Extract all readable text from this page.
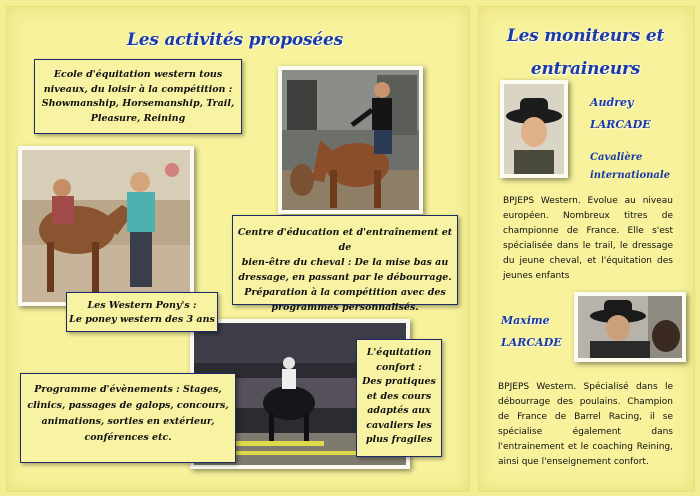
Les activités proposées	Les moniteurs et
entraineurs
Ecole d'équitation western tous
niveaux, du loisir à la compétition :
Showmanship, Horsemanship, Trail,
Pleasure, Reining
Centre d'éducation et d'entraînement et de
bien-être du cheval : De la mise bas au
dressage, en passant par le débourrage.
Préparation à la compétition avec des
programmes personnalisés.
Les Western Pony's :
Le poney western des 3 ans
Programme d'évènements : Stages,
clinics, passages de galops, concours,
animations, sorties en extérieur,
conférences etc.
L'équitation
confort :
Des pratiques
et des cours
adaptés aux
cavaliers les
plus fragiles
Audrey
LARCADE
Cavalière
internationale
BPJEPS Western. Evolue au niveau européen. Nombreux titres de championne de France. Elle s'est spécialisée dans le trail, le dressage du jeune cheval, et l'équitation des jeunes enfants
Maxime
LARCADE
BPJEPS Western. Spécialisé dans le débourrage des poulains. Champion de France de Barrel Racing, il se spécialise également dans l'entrainement et le coaching Reining, ainsi que l'enseignement confort.
